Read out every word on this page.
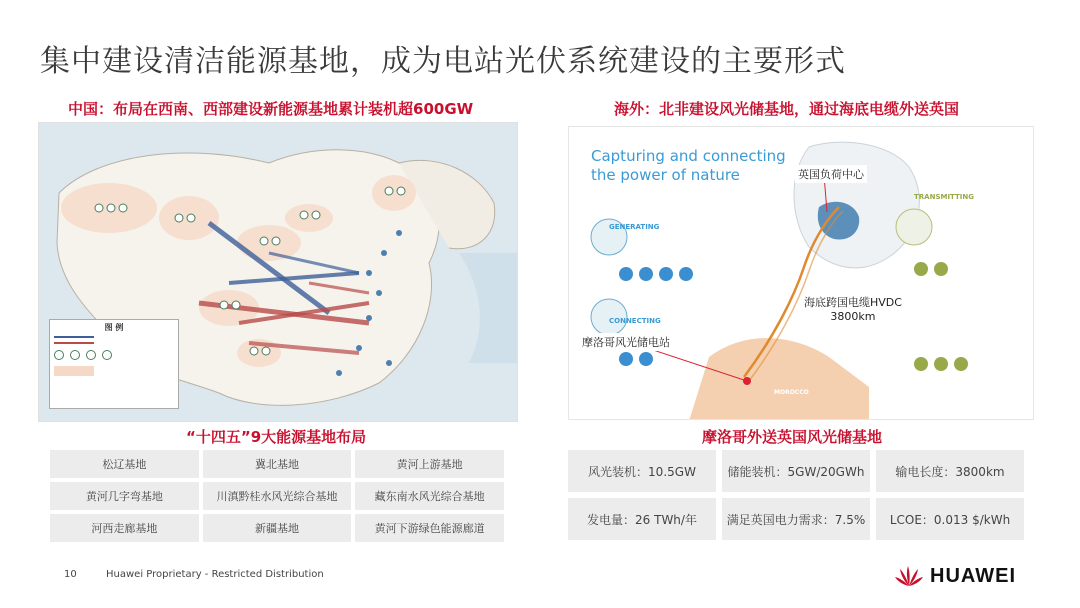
集中建设清洁能源基地，成为电站光伏系统建设的主要形式
中国：布局在西南、西部建设新能源基地累计装机超600GW
图 例
“十四五”9大能源基地布局
松辽基地	冀北基地	黄河上游基地
黄河几字弯基地	川滇黔桂水风光综合基地	藏东南水风光综合基地
河西走廊基地	新疆基地	黄河下游绿色能源廊道
海外：北非建设风光储基地，通过海底电缆外送英国
Capturing and connecting
the power of nature
GENERATING
CONNECTING
TRANSMITTING
MOROCCO
英国负荷中心
海底跨国电缆HVDC
3800km
摩洛哥风光储电站
摩洛哥外送英国风光储基地
风光装机：10.5GW	储能装机：5GW/20GWh	输电长度：3800km
发电量：26 TWh/年	满足英国电力需求：7.5%	LCOE：0.013 $/kWh
10	Huawei Proprietary - Restricted Distribution	HUAWEI
